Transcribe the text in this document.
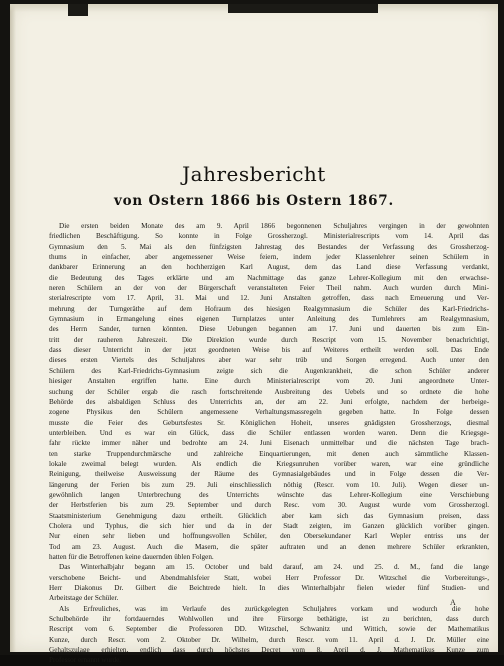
Jahresbericht
von Ostern 1866 bis Ostern 1867.
Die ersten beiden Monate des am 9. April 1866 begonnenen Schuljahres vergingen in der gewohnten
friedlichen Beschäftigung. So konnte in Folge Grossherzogl. Ministerialrescripts vom 14. April das
Gymnasium den 5. Mai als den fünfzigsten Jahrestag des Bestandes der Verfassung des Grossherzog-
thums in einfacher, aber angemessener Weise feiern, indem jeder Klassenlehrer seinen Schülern in
dankbarer Erinnerung an den hochherzigen Karl August, dem das Land diese Verfassung verdankt,
die Bedeutung des Tages erklärte und am Nachmittage das ganze Lehrer-Kollegium mit den erwachse-
neren Schülern an der von der Bürgerschaft veranstalteten Feier Theil nahm. Auch wurden durch Mini-
sterialrescripte vom 17. April, 31. Mai und 12. Juni Anstalten getroffen, dass nach Erneuerung und Ver-
mehrung der Turngeräthe auf dem Hofraum des hiesigen Realgymnasium die Schüler des Karl-Friedrichs-
Gymnasium in Ermangelung eines eigenen Turnplatzes unter Anleitung des Turnlehrers am Realgymnasium,
des Herrn Sander, turnen könnten. Diese Uebungen begannen am 17. Juni und dauerten bis zum Ein-
tritt der rauheren Jahreszeit. Die Direktion wurde durch Rescript vom 15. November benachrichtigt,
dass dieser Unterricht in der jetzt geordneten Weise bis auf Weiteres ertheilt werden soll. Das Ende
dieses ersten Viertels des Schuljahres aber war sehr trüb und Sorgen erregend. Auch unter den
Schülern des Karl-Friedrichs-Gymnasium zeigte sich die Augenkrankheit, die schon Schüler anderer
hiesiger Anstalten ergriffen hatte. Eine durch Ministerialrescript vom 20. Juni angeordnete Unter-
suchung der Schüler ergab die rasch fortschreitende Ausbreitung des Uebels und so ordnete die hohe
Behörde des alsbaldigen Schluss des Unterrichts an, der am 22. Juni erfolgte, nachdem der herbeige-
zogene Physikus den Schülern angemessene Verhaltungsmassregeln gegeben hatte. In Folge dessen
musste die Feier des Geburtsfestes Sr. Königlichen Hoheit, unseres gnädigsten Grossherzogs, diesmal
unterbleiben. Und es war ein Glück, dass die Schüler entlassen worden waren. Denn die Kriegsge-
fahr rückte immer näher und bedrohte am 24. Juni Eisenach unmittelbar und die nächsten Tage brach-
ten starke Truppendurchmärsche und zahlreiche Einquartierungen, mit denen auch sämmtliche Klassen-
lokale zweimal belegt wurden. Als endlich die Kriegsunruhen vorüber waren, war eine gründliche
Reinigung, theilweise Ausweissung der Räume des Gymnasialgebäudes und in Folge dessen die Ver-
längerung der Ferien bis zum 29. Juli einschliesslich nöthig (Rescr. vom 10. Juli). Wegen dieser un-
gewöhnlich langen Unterbrechung des Unterrichts wünschte das Lehrer-Kollegium eine Verschiebung
der Herbstferien bis zum 29. September und durch Resc. vom 30. August wurde vom Grossherzogl.
Staatsministerium Genehmigung dazu ertheilt. Glücklich aber kam sich das Gymnasium preisen, dass
Cholera und Typhus, die sich hier und da in der Stadt zeigten, im Ganzen glücklich vorüber gingen.
Nur einen sehr lieben und hoffnungsvollen Schüler, den Obersekundaner Karl Wepler entriss uns der
Tod am 23. August. Auch die Masern, die später auftraten und an denen mehrere Schüler erkrankten,
hatten für die Betroffenen keine dauernden üblen Folgen.
Das Winterhalbjahr begann am 15. October und bald darauf, am 24. und 25. d. M., fand die lange
verschobene Beicht- und Abendmahlsfeier Statt, wobei Herr Professor Dr. Witzschel die Vorbereitungs-,
Herr Diakonus Dr. Gilbert die Beichtrede hielt. In dies Winterhalbjahr fielen wieder fünf Studien- und
Arbeitstage der Schüler.
Als Erfreuliches, was im Verlaufe des zurückgelegten Schuljahres vorkam und wodurch die hohe
Schulbehörde ihr fortdauerndes Wohlwollen und ihre Fürsorge bethätigte, ist zu berichten, dass durch
Rescript vom 6. September die Professoren DD. Witzschel, Schwanitz und Wittich, sowie der Mathematikus
Kunze, durch Rescr. vom 2. Oktober Dr. Wilhelm, durch Rescr. vom 11. April d. J. Dr. Müller eine
Gehaltszulage erhielten, endlich dass durch höchstes Decret vom 8. April d. J. Mathematikus Kunze zum
Professor ernannt wurde.
A
